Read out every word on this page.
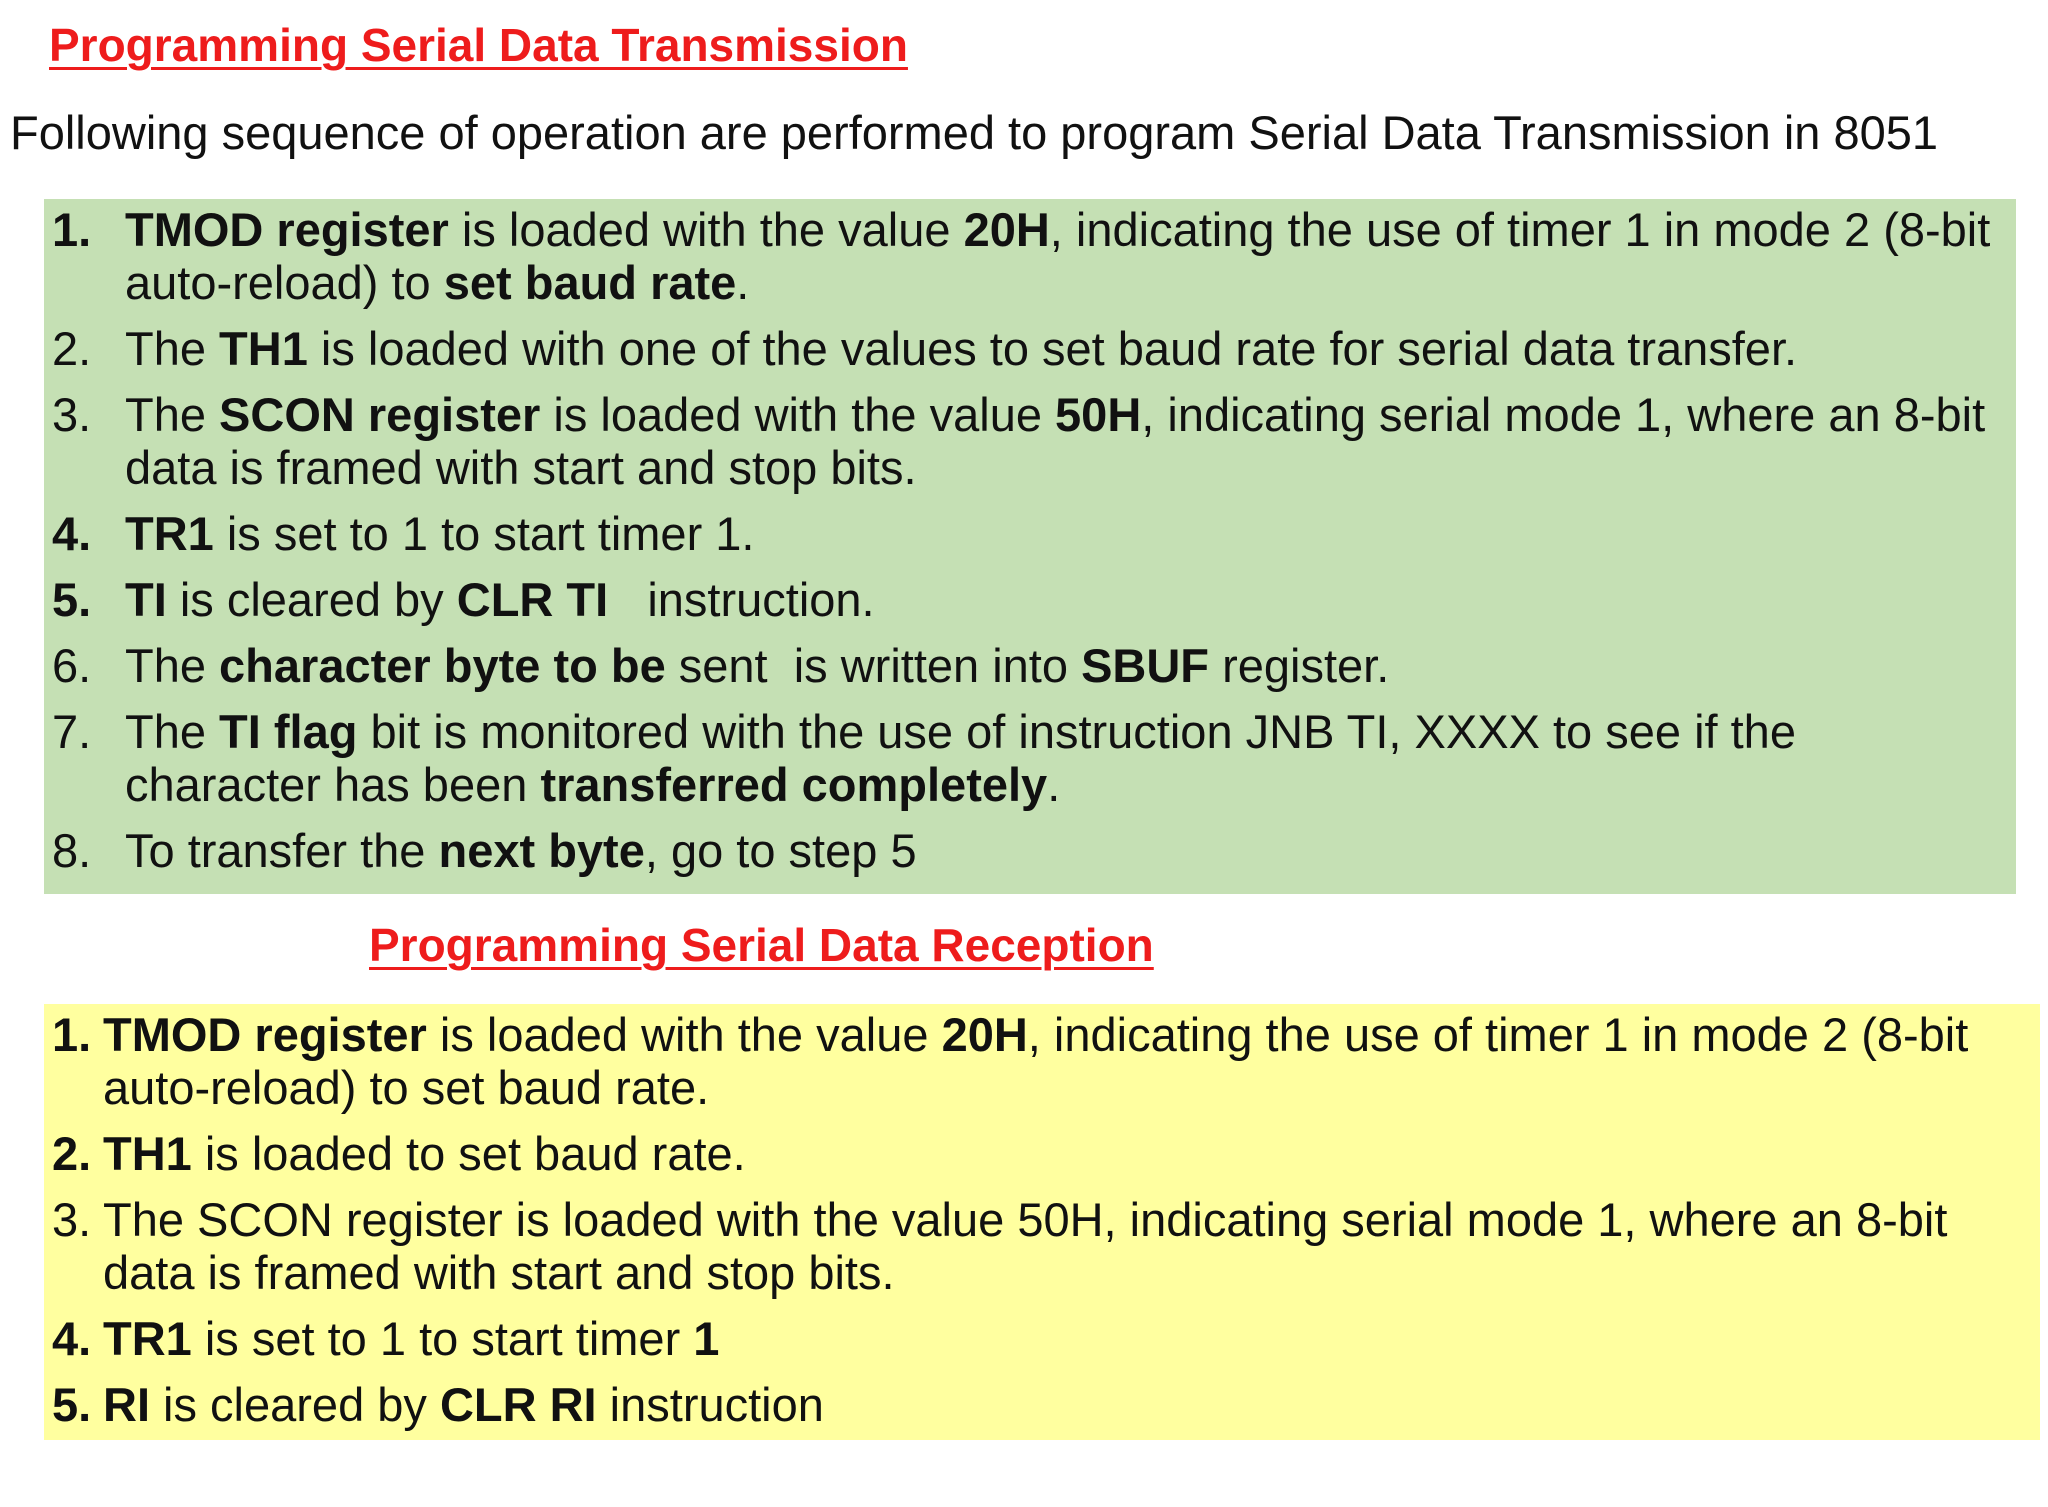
Programming Serial Data Transmission

Following sequence of operation are performed to program Serial Data Transmission in 8051

1. TMOD register is loaded with the value 20H, indicating the use of timer 1 in mode 2 (8-bit auto-reload) to set baud rate.
2. The TH1 is loaded with one of the values to set baud rate for serial data transfer.
3. The SCON register is loaded with the value 50H, indicating serial mode 1, where an 8-bit data is framed with start and stop bits.
4. TR1 is set to 1 to start timer 1.
5. TI is cleared by CLR TI   instruction.
6. The character byte to be sent  is written into SBUF register.
7. The TI flag bit is monitored with the use of instruction JNB TI, XXXX to see if the character has been transferred completely.
8. To transfer the next byte, go to step 5
Programming Serial Data Reception
1. TMOD register is loaded with the value 20H, indicating the use of timer 1 in mode 2 (8-bit auto-reload) to set baud rate.
2. TH1 is loaded to set baud rate.
3. The SCON register is loaded with the value 50H, indicating serial mode 1, where an 8-bit data is framed with start and stop bits.
4. TR1 is set to 1 to start timer 1
5. RI is cleared by CLR RI instruction
